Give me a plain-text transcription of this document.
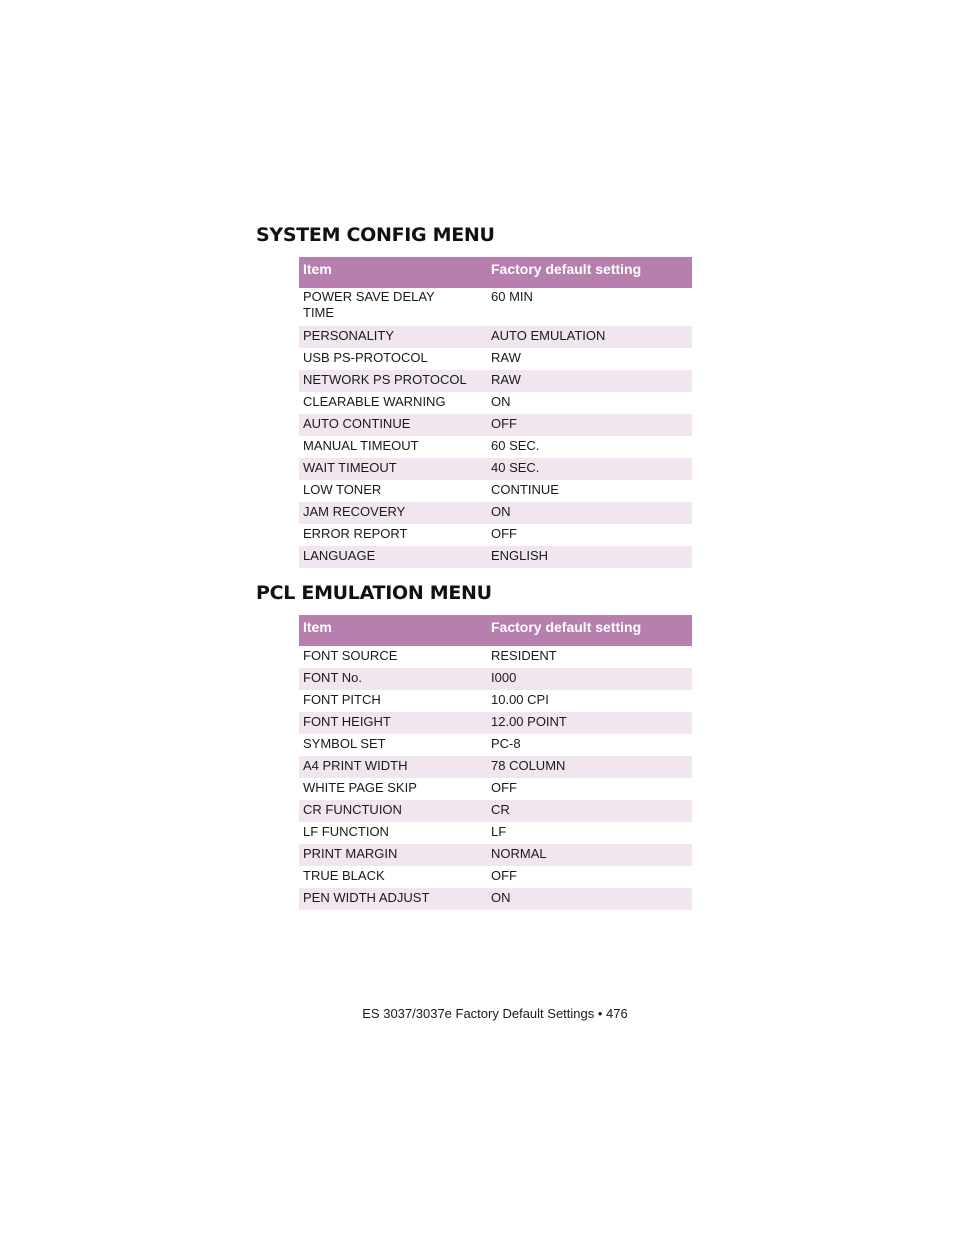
SYSTEM CONFIG MENU
Item	Factory default setting
POWER SAVE DELAY
TIME	60 MIN
PERSONALITY	AUTO EMULATION
USB PS-PROTOCOL	RAW
NETWORK PS PROTOCOL	RAW
CLEARABLE WARNING	ON
AUTO CONTINUE	OFF
MANUAL TIMEOUT	60 SEC.
WAIT TIMEOUT	40 SEC.
LOW TONER	CONTINUE
JAM RECOVERY	ON
ERROR REPORT	OFF
LANGUAGE	ENGLISH
PCL EMULATION MENU
Item	Factory default setting
FONT SOURCE	RESIDENT
FONT No.	I000
FONT PITCH	10.00 CPI
FONT HEIGHT	12.00 POINT
SYMBOL SET	PC-8
A4 PRINT WIDTH	78 COLUMN
WHITE PAGE SKIP	OFF
CR FUNCTUION	CR
LF FUNCTION	LF
PRINT MARGIN	NORMAL
TRUE BLACK	OFF
PEN WIDTH ADJUST	ON

ES 3037/3037e Factory Default Settings • 476
